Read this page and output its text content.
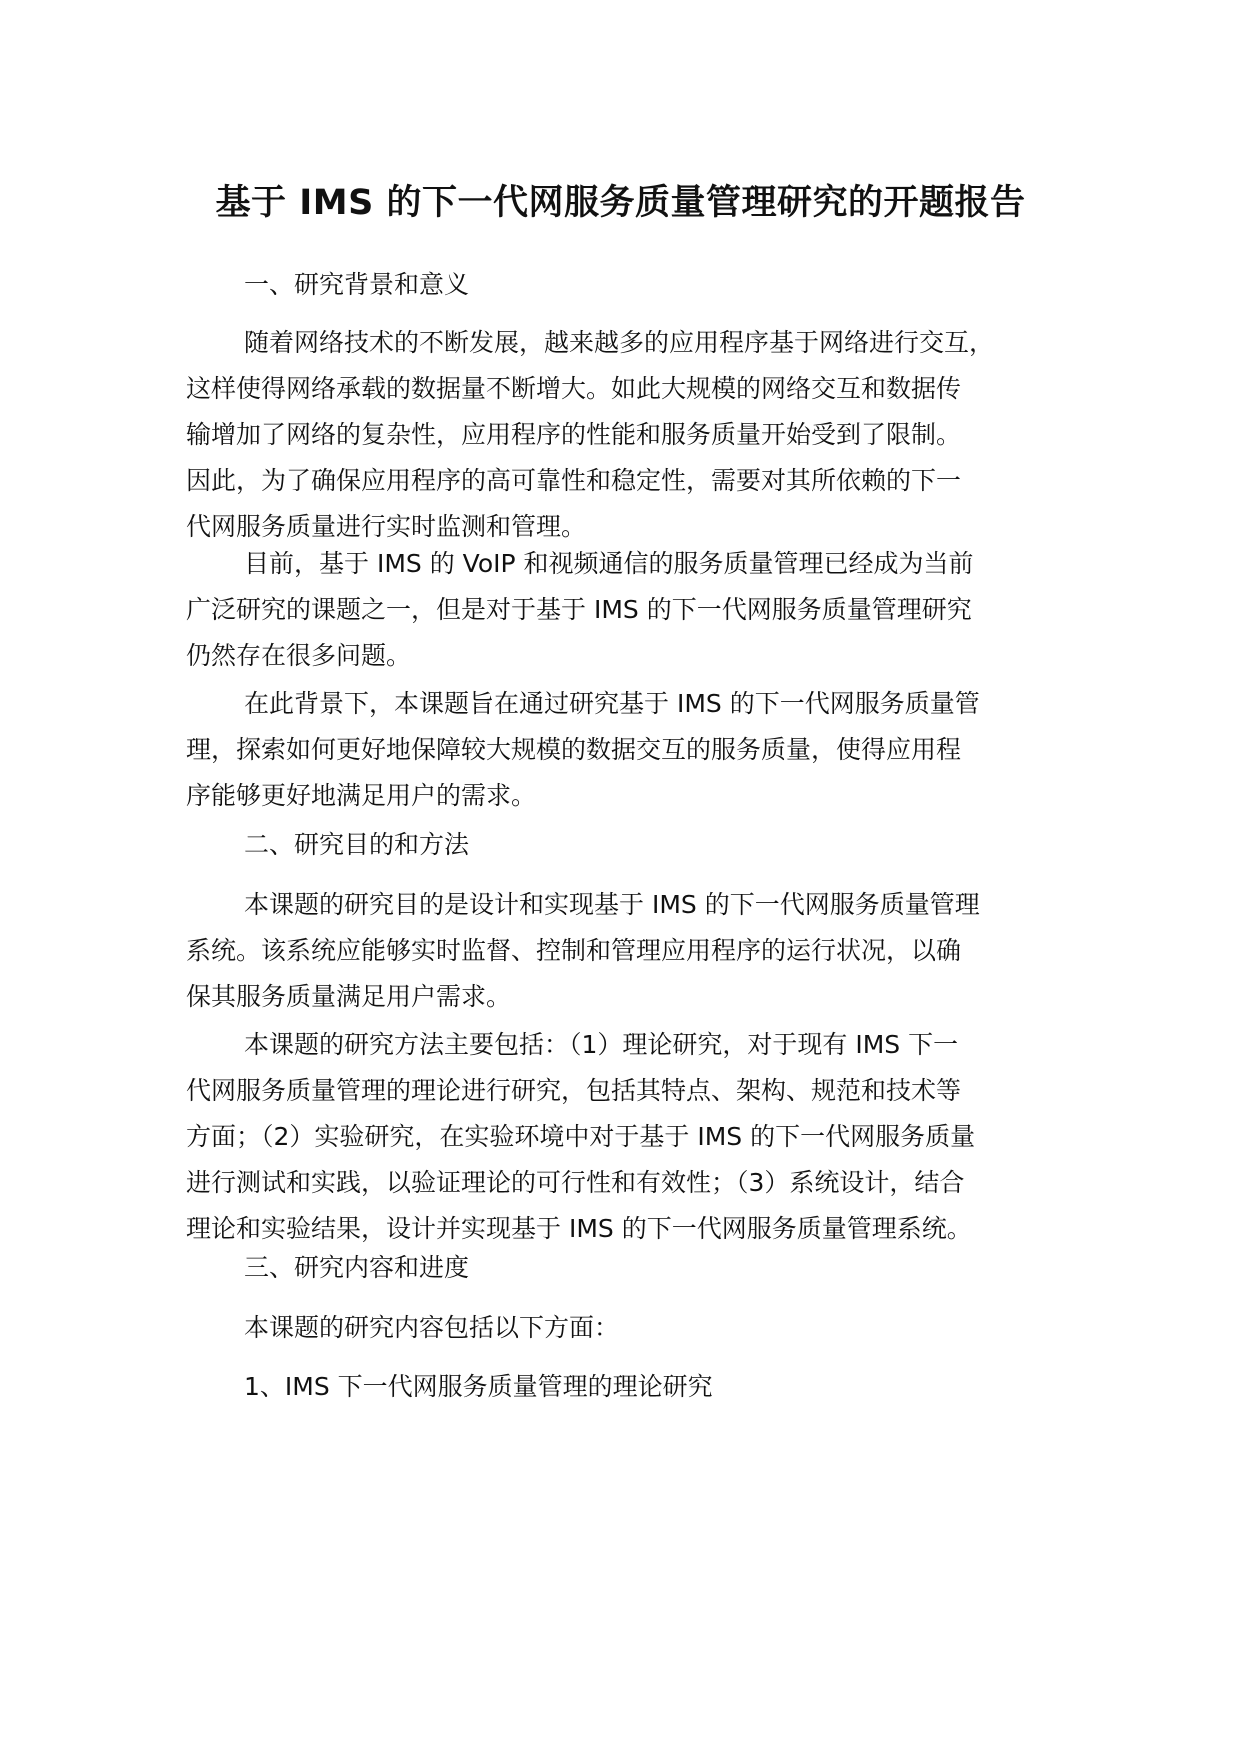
基于 IMS 的下一代网服务质量管理研究的开题报告
一、研究背景和意义
随着网络技术的不断发展，越来越多的应用程序基于网络进行交互，
这样使得网络承载的数据量不断增大。如此大规模的网络交互和数据传
输增加了网络的复杂性，应用程序的性能和服务质量开始受到了限制。
因此，为了确保应用程序的高可靠性和稳定性，需要对其所依赖的下一
代网服务质量进行实时监测和管理。
目前，基于 IMS 的 VoIP 和视频通信的服务质量管理已经成为当前
广泛研究的课题之一，但是对于基于 IMS 的下一代网服务质量管理研究
仍然存在很多问题。
在此背景下，本课题旨在通过研究基于 IMS 的下一代网服务质量管
理，探索如何更好地保障较大规模的数据交互的服务质量，使得应用程
序能够更好地满足用户的需求。
二、研究目的和方法
本课题的研究目的是设计和实现基于 IMS 的下一代网服务质量管理
系统。该系统应能够实时监督、控制和管理应用程序的运行状况，以确
保其服务质量满足用户需求。
本课题的研究方法主要包括：（1）理论研究，对于现有 IMS 下一
代网服务质量管理的理论进行研究，包括其特点、架构、规范和技术等
方面；（2）实验研究，在实验环境中对于基于 IMS 的下一代网服务质量
进行测试和实践，以验证理论的可行性和有效性；（3）系统设计，结合
理论和实验结果，设计并实现基于 IMS 的下一代网服务质量管理系统。
三、研究内容和进度
本课题的研究内容包括以下方面：
1、IMS 下一代网服务质量管理的理论研究
